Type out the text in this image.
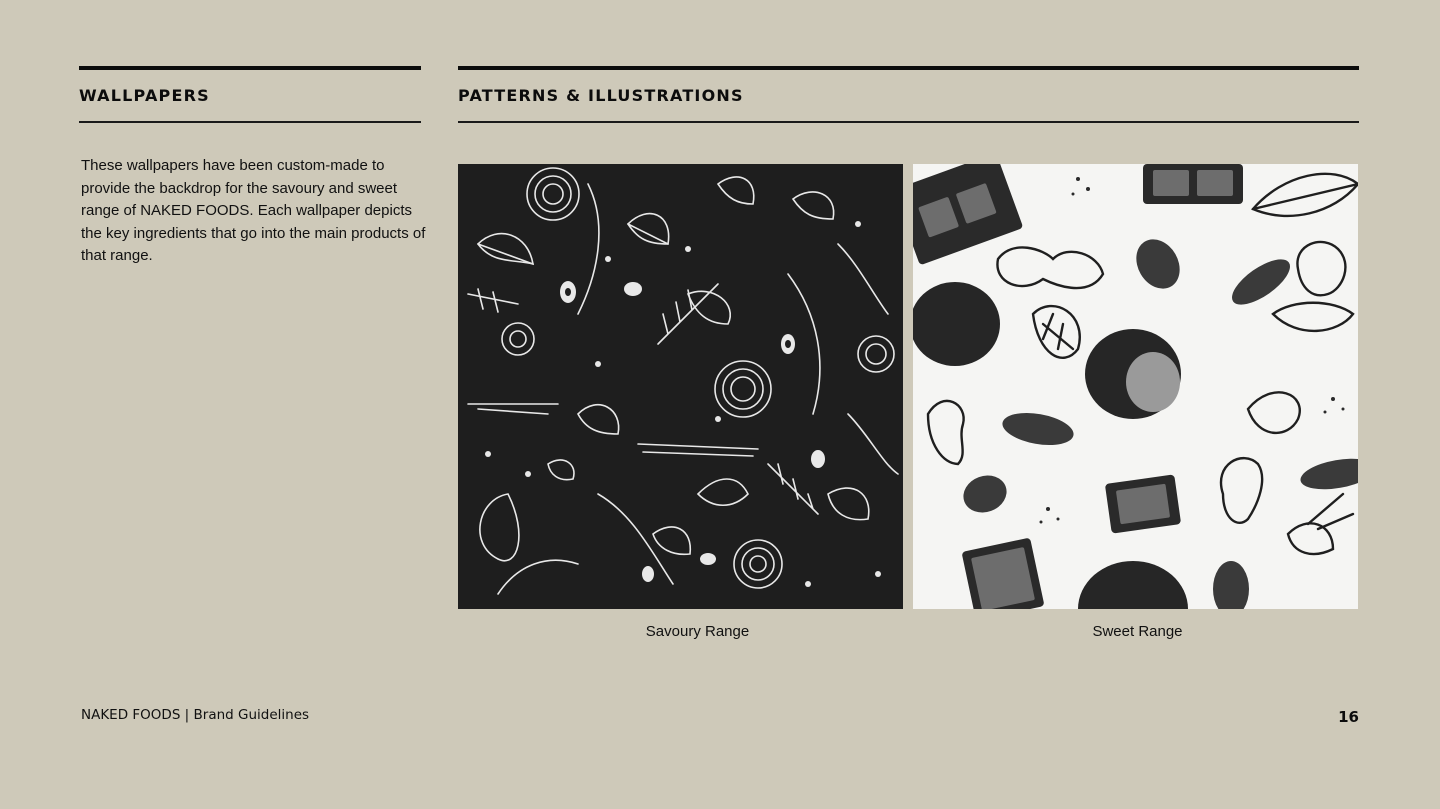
WALLPAPERS

These wallpapers have been custom-made to provide the backdrop for the savoury and sweet range of NAKED FOODS. Each wallpaper depicts the key ingredients that go into the main products of that range.

PATTERNS & ILLUSTRATIONS
Savoury Range	Sweet Range
NAKED FOODS | Brand Guidelines	16
